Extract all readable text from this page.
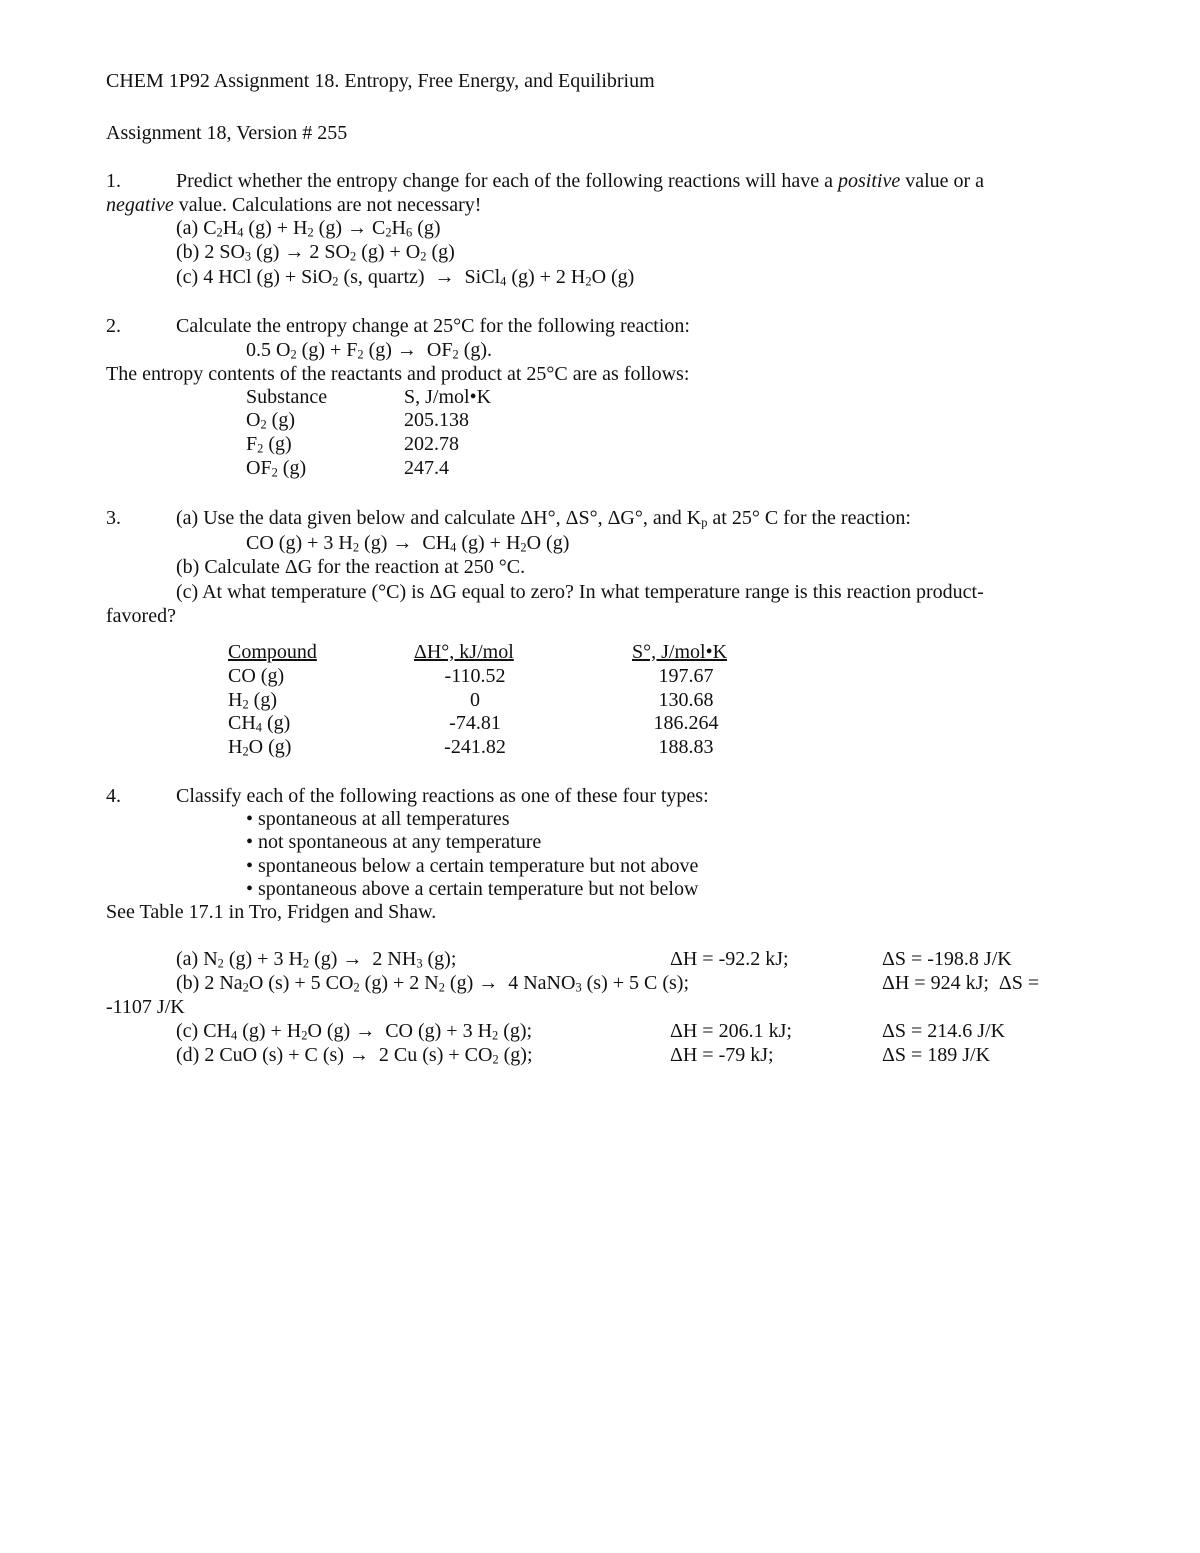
CHEM 1P92 Assignment 18. Entropy, Free Energy, and Equilibrium
Assignment 18, Version # 255
1.	Predict whether the entropy change for each of the following reactions will have a positive value or a
negative value. Calculations are not necessary!
(a) $C_2H_4$ $(g) + H_2$ $(g) \to C_2H_6$ (g)
(b) 2 $SO_3$ (g) → 2 $SO_2$ $(g) + O_2$ (g)
(c) 4 HCl (g) + SiO$_2$ (s, quartz)  →  SiCl$_4$ (g) + 2 $H_2O$ (g)
2.	Calculate the entropy change at 25°C for the following reaction:
0.5 $O_2$ $(g) + F_2$ $(g) \to OF_2$ (g).
The entropy contents of the reactants and product at 25°C are as follows:
Substance	S, J/mol•K
$O_2$ (g)	205.138
$F_2$ (g)	202.78
$OF_2$ (g)	247.4
3.	(a) Use the data given below and calculate ΔH°, ΔS°, ΔG°, and $K_p$ at 25° C for the reaction:
CO (g) + 3 $H_2$ $(g) \to CH_4$ $(g) + H_2O$ (g)
(b) Calculate ΔG for the reaction at 250 °C.
(c) At what temperature (°C) is ΔG equal to zero? In what temperature range is this reaction product-
favored?
Compound	ΔH°, kJ/mol	S°, J/mol•K
CO (g)	-110.52	197.67
$H_2$ (g)	0	130.68
$CH_4$ (g)	-74.81	186.264
$H_2O$ (g)	-241.82	188.83
4.	Classify each of the following reactions as one of these four types:
• spontaneous at all temperatures
• not spontaneous at any temperature
• spontaneous below a certain temperature but not above
• spontaneous above a certain temperature but not below
See Table 17.1 in Tro, Fridgen and Shaw.
(a) $N_2$ (g) + 3 $H_2$ (g) →  2 $NH_3$ (g);	ΔH = -92.2 kJ;	ΔS = -198.8 J/K
(b) 2 $Na_2O$ (s) + 5 $CO_2$ (g) + 2 $N_2$ (g) →  4 NaNO$_3$ (s) + 5 C (s);	ΔH = 924 kJ;  ΔS =
-1107 J/K
(c) $CH_4$ $(g) + H_2O$ (g) →  CO (g) + 3 $H_2$ (g);	ΔH = 206.1 kJ;	ΔS = 214.6 J/K
(d) 2 CuO (s) + C (s) →  2 Cu $(s) + CO_2$ (g);	ΔH = -79 kJ;	ΔS = 189 J/K
